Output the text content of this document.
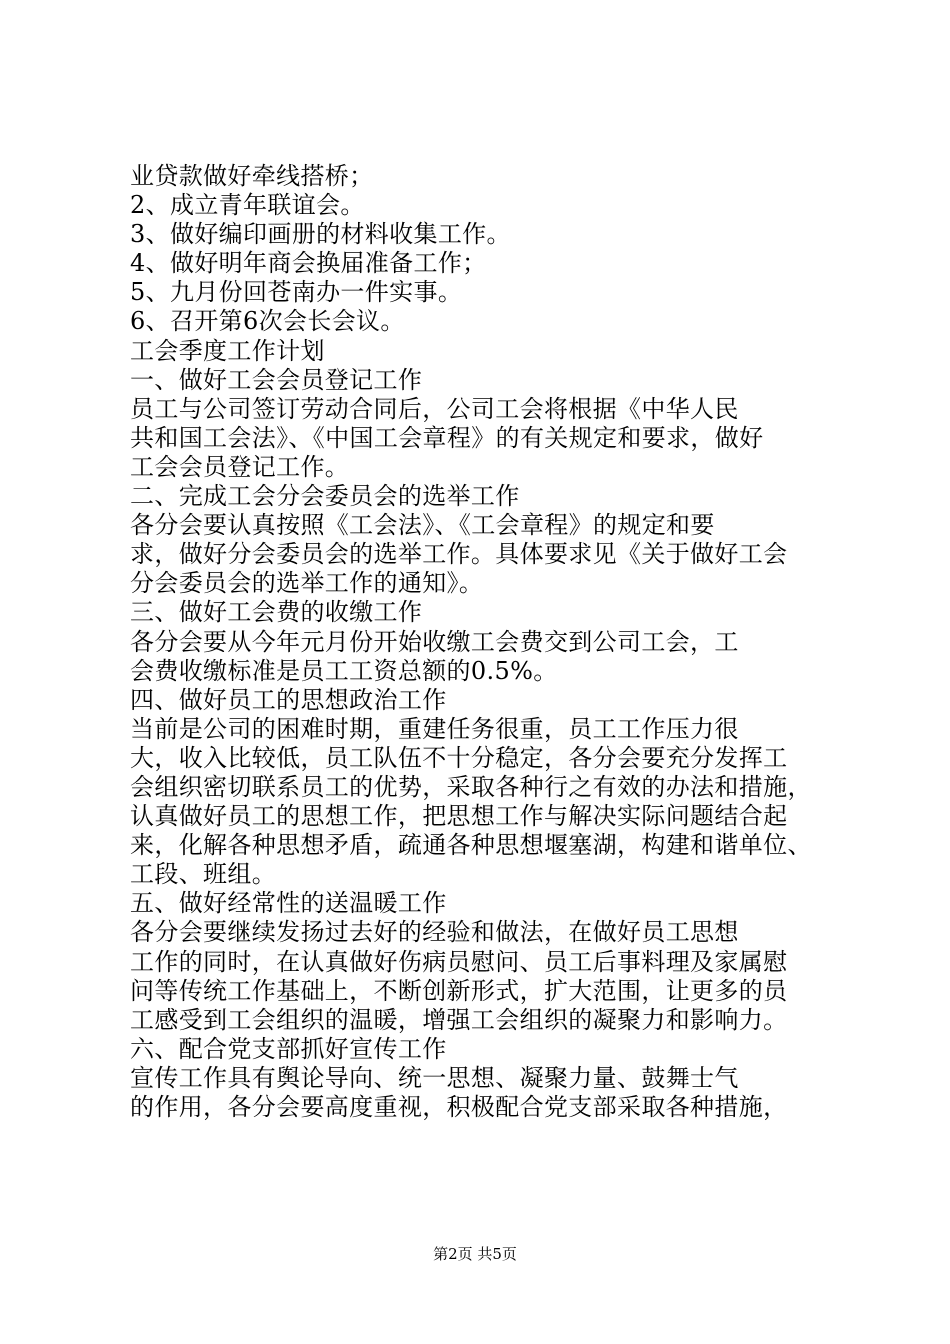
业贷款做好牵线搭桥；
2、成立青年联谊会。
3、做好编印画册的材料收集工作。
4、做好明年商会换届准备工作；
5、九月份回苍南办一件实事。
6、召开第6次会长会议。
工会季度工作计划
一、做好工会会员登记工作
员工与公司签订劳动合同后，公司工会将根据《中华人民
共和国工会法》、《中国工会章程》的有关规定和要求，做好
工会会员登记工作。
二、完成工会分会委员会的选举工作
各分会要认真按照《工会法》、《工会章程》的规定和要
求，做好分会委员会的选举工作。具体要求见《关于做好工会
分会委员会的选举工作的通知》。
三、做好工会费的收缴工作
各分会要从今年元月份开始收缴工会费交到公司工会，工
会费收缴标准是员工工资总额的0.5%。
四、做好员工的思想政治工作
当前是公司的困难时期，重建任务很重，员工工作压力很
大，收入比较低，员工队伍不十分稳定，各分会要充分发挥工
会组织密切联系员工的优势，采取各种行之有效的办法和措施，
认真做好员工的思想工作，把思想工作与解决实际问题结合起
来，化解各种思想矛盾，疏通各种思想堰塞湖，构建和谐单位、
工段、班组。
五、做好经常性的送温暖工作
各分会要继续发扬过去好的经验和做法，在做好员工思想
工作的同时，在认真做好伤病员慰问、员工后事料理及家属慰
问等传统工作基础上，不断创新形式，扩大范围，让更多的员
工感受到工会组织的温暖，增强工会组织的凝聚力和影响力。
六、配合党支部抓好宣传工作
宣传工作具有舆论导向、统一思想、凝聚力量、鼓舞士气
的作用，各分会要高度重视，积极配合党支部采取各种措施，
第2页 共5页
